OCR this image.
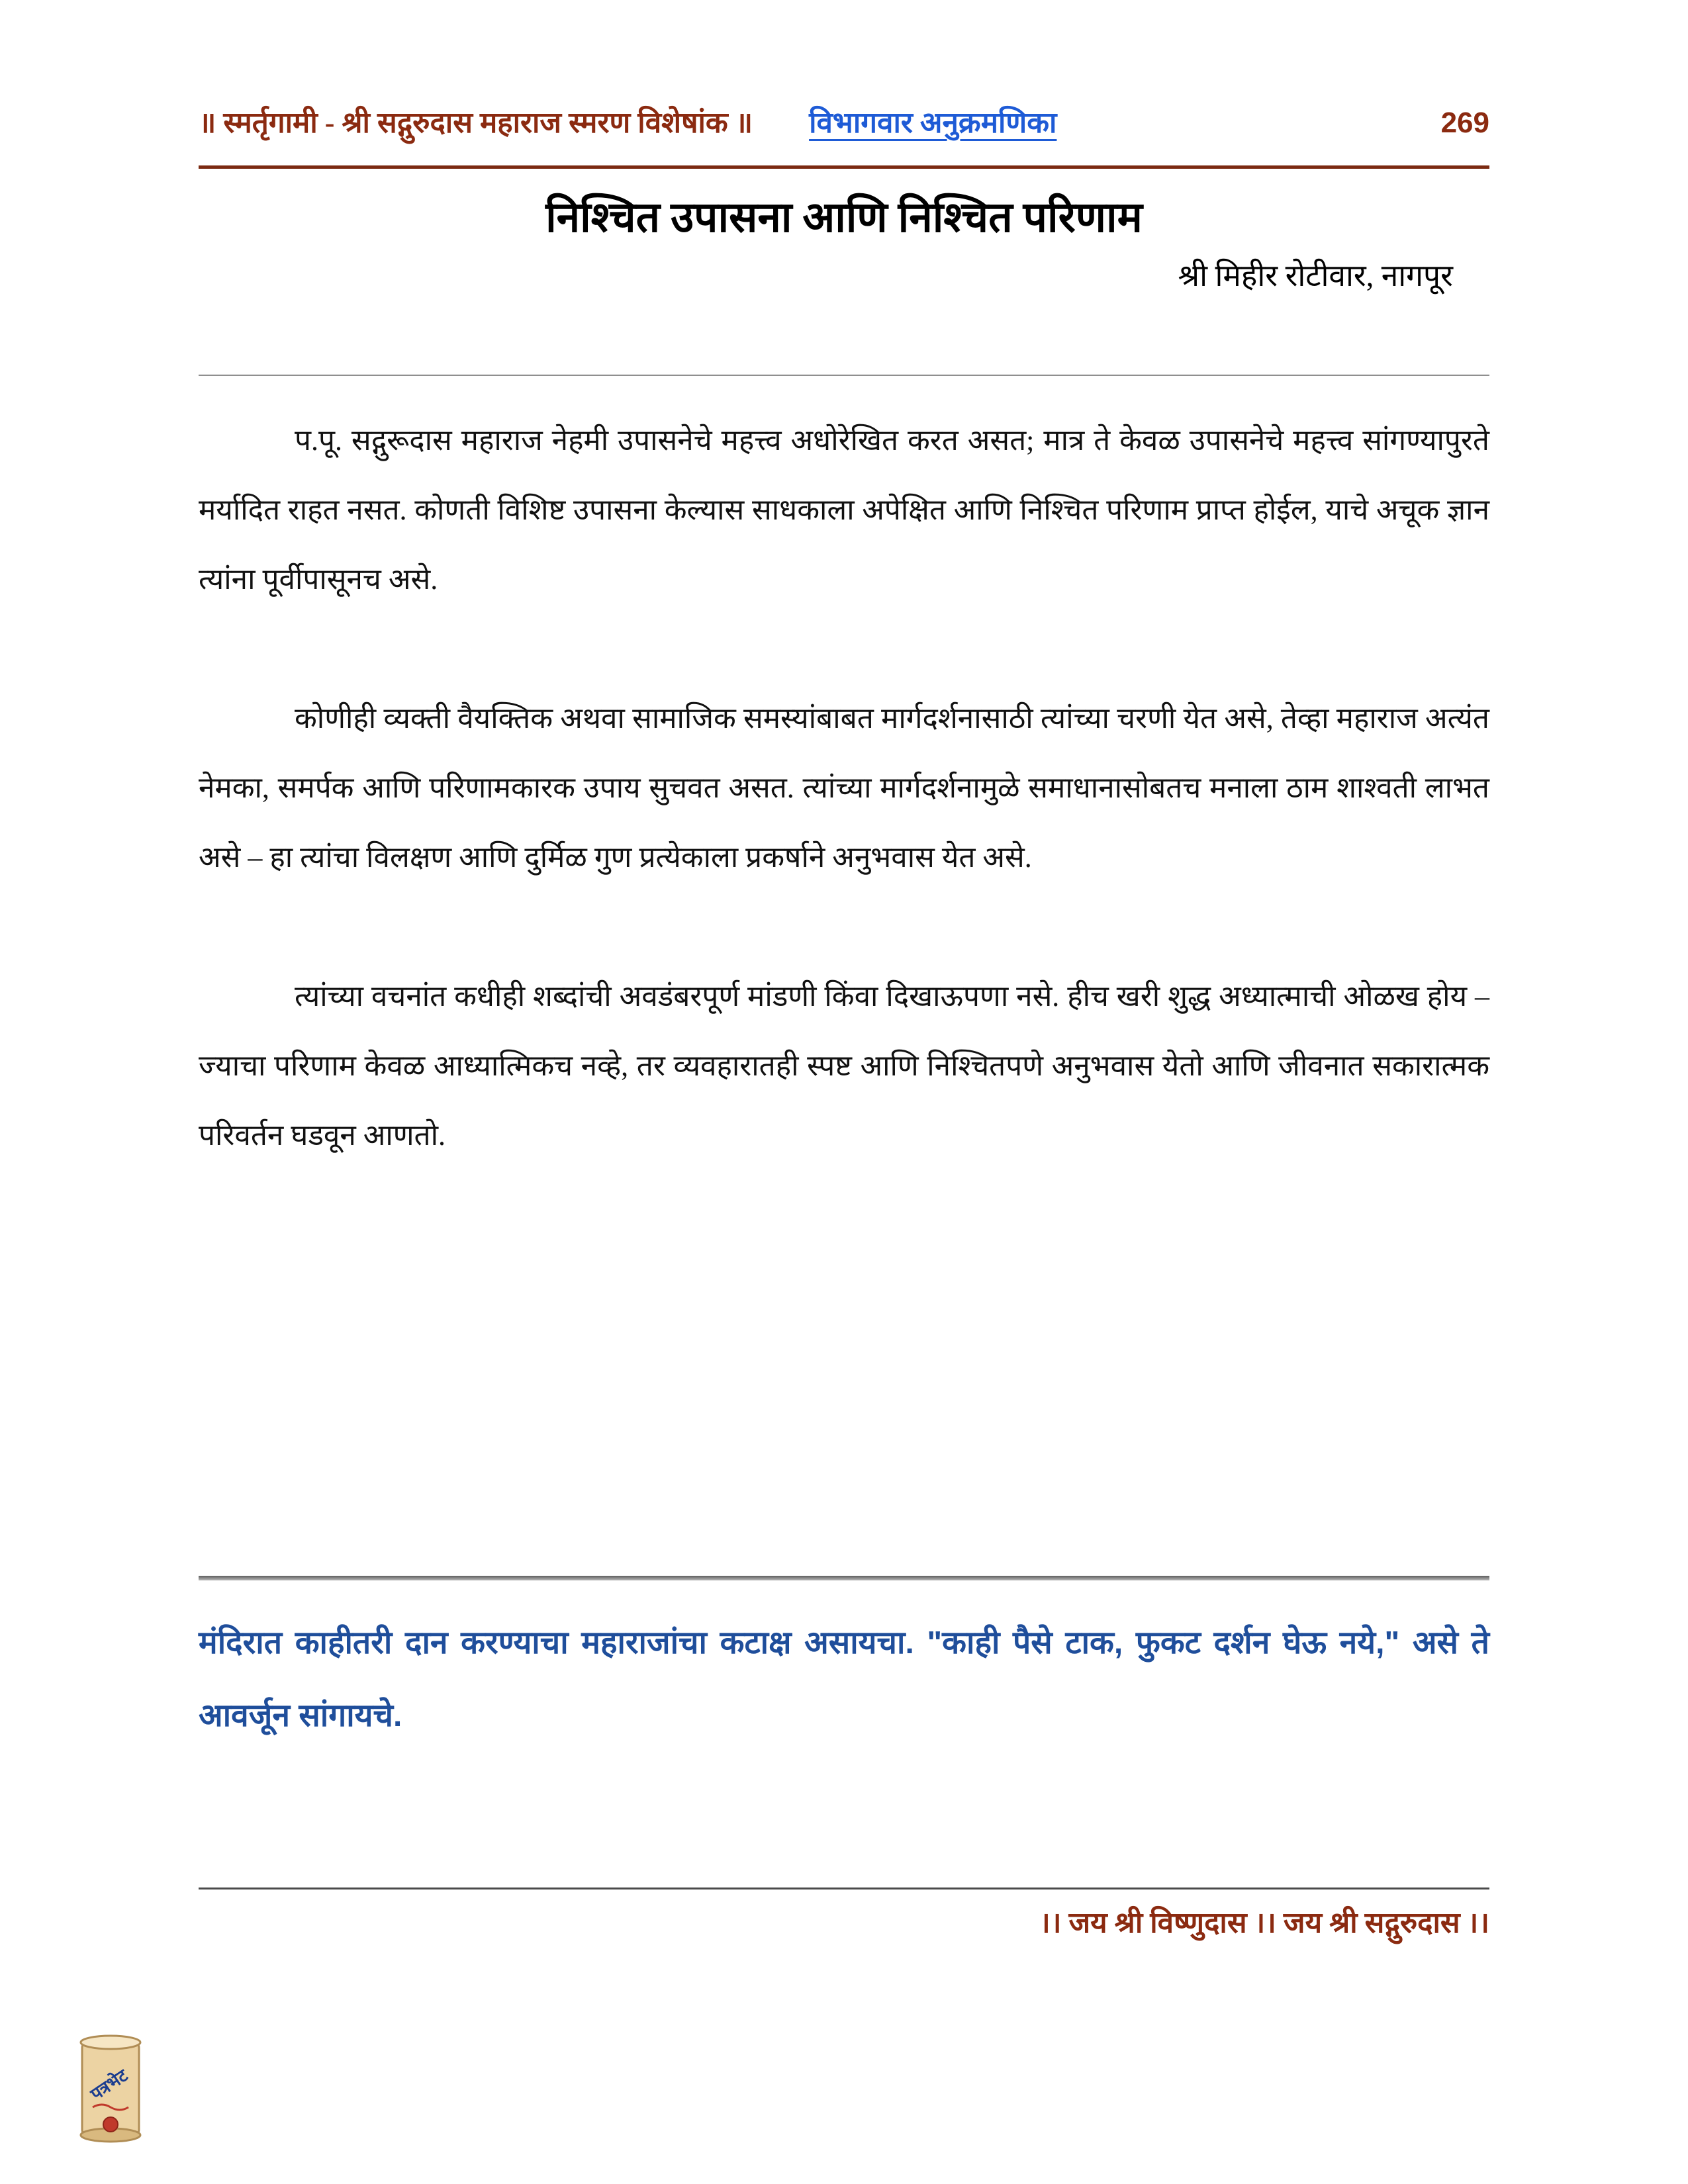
॥ स्मर्तृगामी - श्री सद्गुरुदास महाराज स्मरण विशेषांक ॥ विभागवार अनुक्रमणिका	269
निश्चित उपासना आणि निश्चित परिणाम
श्री मिहीर रोटीवार, नागपूर

प.पू. सद्गुरूदास महाराज नेहमी उपासनेचे महत्त्व अधोरेखित करत असत; मात्र ते केवळ उपासनेचे महत्त्व सांगण्यापुरते मर्यादित राहत नसत. कोणती विशिष्ट उपासना केल्यास साधकाला अपेक्षित आणि निश्चित परिणाम प्राप्त होईल, याचे अचूक ज्ञान त्यांना पूर्वीपासूनच असे.

कोणीही व्यक्ती वैयक्तिक अथवा सामाजिक समस्यांबाबत मार्गदर्शनासाठी त्यांच्या चरणी येत असे, तेव्हा महाराज अत्यंत नेमका, समर्पक आणि परिणामकारक उपाय सुचवत असत. त्यांच्या मार्गदर्शनामुळे समाधानासोबतच मनाला ठाम शाश्वती लाभत असे – हा त्यांचा विलक्षण आणि दुर्मिळ गुण प्रत्येकाला प्रकर्षाने अनुभवास येत असे.

त्यांच्या वचनांत कधीही शब्दांची अवडंबरपूर्ण मांडणी किंवा दिखाऊपणा नसे. हीच खरी शुद्ध अध्यात्माची ओळख होय – ज्याचा परिणाम केवळ आध्यात्मिकच नव्हे, तर व्यवहारातही स्पष्ट आणि निश्चितपणे अनुभवास येतो आणि जीवनात सकारात्मक परिवर्तन घडवून आणतो.

मंदिरात काहीतरी दान करण्याचा महाराजांचा कटाक्ष असायचा. "काही पैसे टाक, फुकट दर्शन घेऊ नये," असे ते आवर्जून सांगायचे.
।। जय श्री विष्णुदास ।। जय श्री सद्गुरुदास ।।
पत्रभेट
